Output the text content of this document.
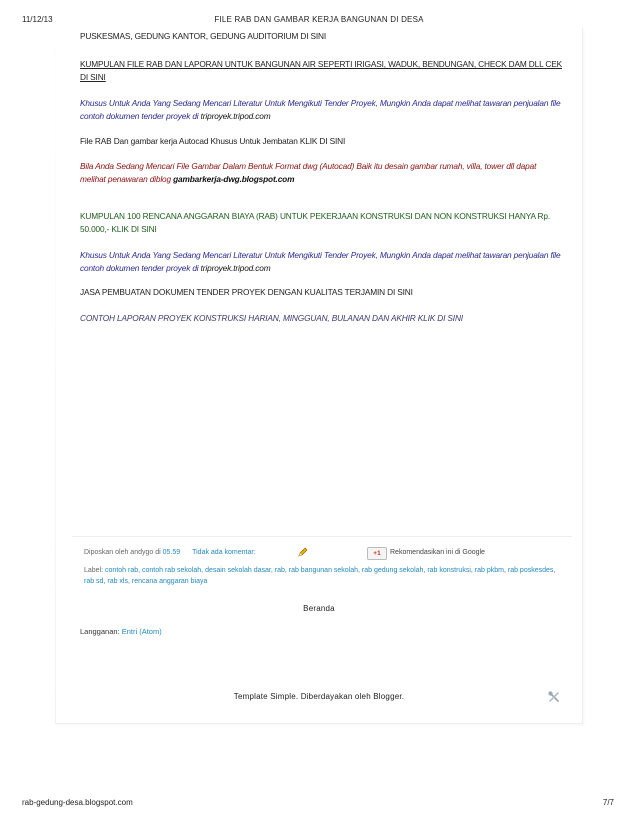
11/12/13	FILE RAB DAN GAMBAR KERJA BANGUNAN DI DESA

PUSKESMAS, GEDUNG KANTOR, GEDUNG AUDITORIUM DI SINI

KUMPULAN FILE RAB DAN LAPORAN UNTUK BANGUNAN AIR SEPERTI IRIGASI, WADUK, BENDUNGAN, CHECK DAM DLL CEK DI SINI

Khusus Untuk Anda Yang Sedang Mencari Literatur Untuk Mengikuti Tender Proyek, Mungkin Anda dapat melihat tawaran penjualan file contoh dokumen tender proyek di triproyek.tripod.com

File RAB Dan gambar kerja Autocad Khusus Untuk Jembatan KLIK DI SINI

Bila Anda Sedang Mencari File Gambar Dalam Bentuk Format dwg (Autocad) Baik itu desain gambar rumah, villa, tower dll dapat melihat penawaran diblog gambarkerja-dwg.blogspot.com

KUMPULAN 100 RENCANA ANGGARAN BIAYA (RAB) UNTUK PEKERJAAN KONSTRUKSI DAN NON KONSTRUKSI HANYA Rp. 50.000,- KLIK DI SINI

Khusus Untuk Anda Yang Sedang Mencari Literatur Untuk Mengikuti Tender Proyek, Mungkin Anda dapat melihat tawaran penjualan file contoh dokumen tender proyek di triproyek.tripod.com

JASA PEMBUATAN DOKUMEN TENDER PROYEK DENGAN KUALITAS TERJAMIN DI SINI

CONTOH LAPORAN PROYEK KONSTRUKSI HARIAN, MINGGUAN, BULANAN DAN AKHIR KLIK DI SINI

Diposkan oleh andygo di 05.59 Tidak ada komentar:	+1	Rekomendasikan ini di Google
Label: contoh rab, contoh rab sekolah, desain sekolah dasar, rab, rab bangunan sekolah, rab gedung sekolah, rab konstruksi, rab pkbm, rab poskesdes, rab sd, rab xls, rencana anggaran biaya
Beranda
Langganan: Entri (Atom)
Template Simple. Diberdayakan oleh Blogger.
rab-gedung-desa.blogspot.com	7/7
